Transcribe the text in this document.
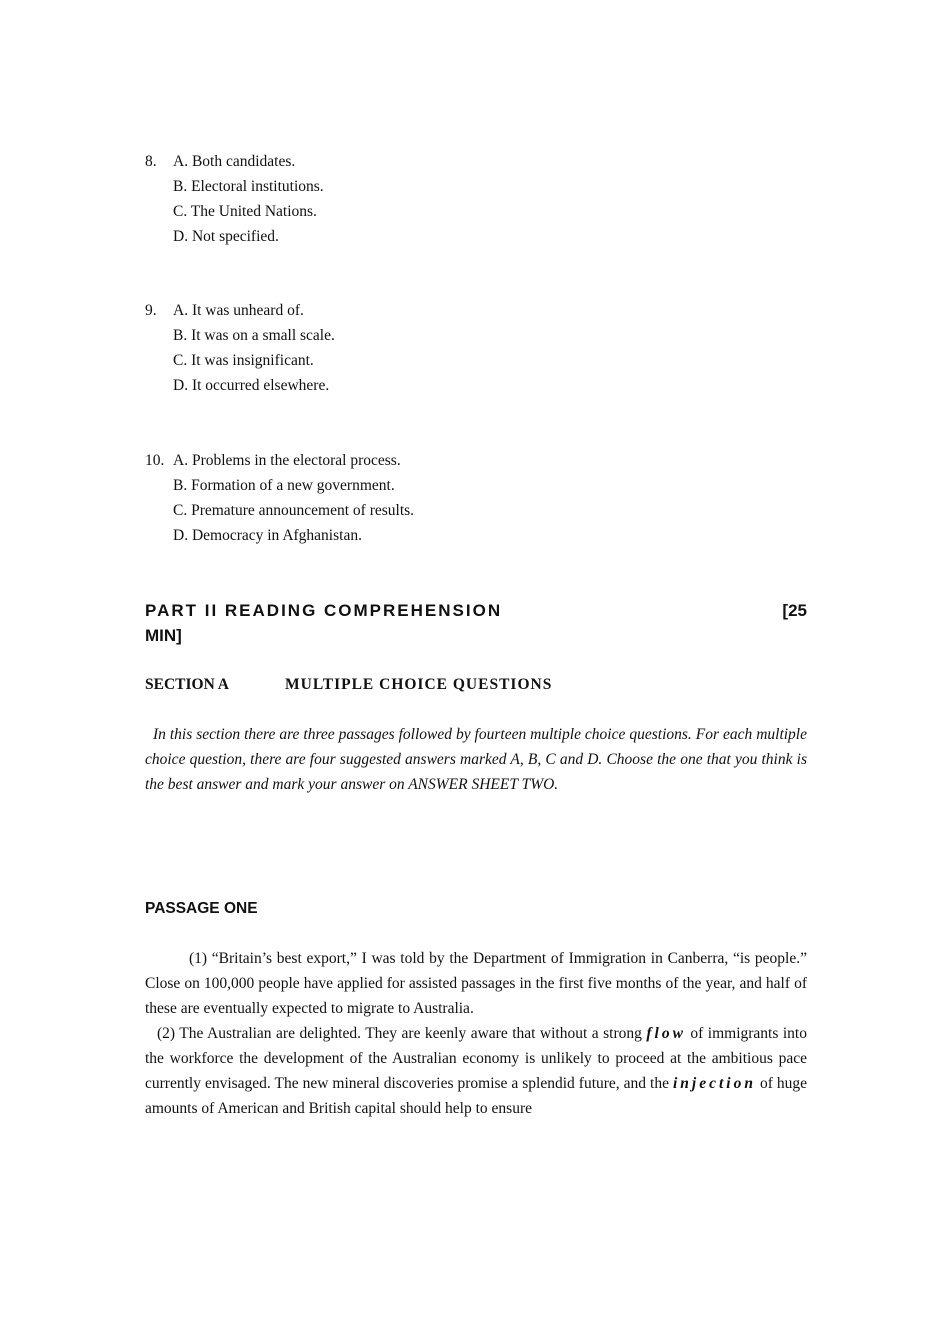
8. A. Both candidates.
B. Electoral institutions.
C. The United Nations.
D. Not specified.
9. A. It was unheard of.
B. It was on a small scale.
C. It was insignificant.
D. It occurred elsewhere.
10. A. Problems in the electoral process.
B. Formation of a new government.
C. Premature announcement of results.
D. Democracy in Afghanistan.
PART II READING COMPREHENSION	[25
MIN]
SECTION A	MULTIPLE CHOICE QUESTIONS
In this section there are three passages followed by fourteen multiple choice questions. For each multiple choice question, there are four suggested answers marked A, B, C and D. Choose the one that you think is the best answer and mark your answer on ANSWER SHEET TWO.
PASSAGE ONE

(1) “Britain’s best export,” I was told by the Department of Immigration in Canberra, “is people.” Close on 100,000 people have applied for assisted passages in the first five months of the year, and half of these are eventually expected to migrate to Australia.

(2) The Australian are delighted. They are keenly aware that without a strong flow of immigrants into the workforce the development of the Australian economy is unlikely to proceed at the ambitious pace currently envisaged. The new mineral discoveries promise a splendid future, and the injection of huge amounts of American and British capital should help to ensure
